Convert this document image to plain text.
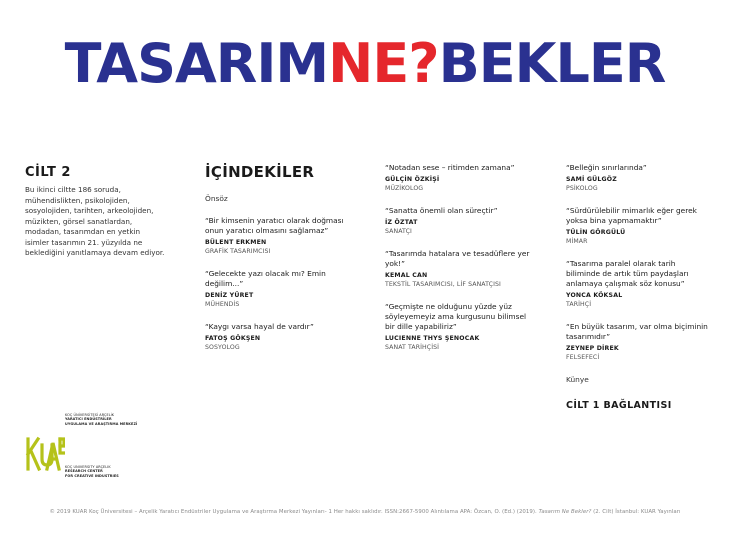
TASARIMNE?BEKLER
CİLT 2
Bu ikinci ciltte 186 soruda, mühendislikten, psikolojiden, sosyolojiden, tarihten, arkeolojiden, müzikten, görsel sanatlardan, modadan, tasarımdan en yetkin isimler tasarımın 21. yüzyılda ne beklediğini yanıtlamaya devam ediyor.
İÇİNDEKİLER
Önsöz
“Bir kimsenin yaratıcı olarak doğması onun yaratıcı olmasını sağlamaz”
BÜLENT ERKMEN
GRAFİK TASARIMCISI
“Gelecekte yazı olacak mı? Emin değilim...”
DENİZ YÜRET
MÜHENDİS
“Kaygı varsa hayal de vardır”
FATOŞ GÖKŞEN
SOSYOLOG
“Notadan sese – ritimden zamana”
GÜLÇİN ÖZKİŞİ
MÜZİKOLOG
“Sanatta önemli olan süreçtir”
İZ ÖZTAT
SANATÇI
“Tasarımda hatalara ve tesadüflere yer yok!”
KEMAL CAN
TEKSTİL TASARIMCISI, LİF SANATÇISI
“Geçmişte ne olduğunu yüzde yüz söyleyemeyiz ama kurgusunu bilimsel bir dille yapabiliriz”
LUCIENNE THYS ŞENOCAK
SANAT TARİHÇİSİ
“Belleğin sınırlarında”
SAMİ GÜLGÖZ
PSİKOLOG
“Sürdürülebilir mimarlık eğer gerek yoksa bina yapmamaktır”
TÜLİN GÖRGÜLÜ
MİMAR
“Tasarıma paralel olarak tarih biliminde de artık tüm paydaşları anlamaya çalışmak söz konusu”
YONCA KÖKSAL
TARİHÇİ
“En büyük tasarım, var olma biçiminin tasarımıdır”
ZEYNEP DİREK
FELSEFECİ
Künye
CİLT 1 BAĞLANTISI
KOÇ ÜNİVERSİTESİ ARÇELİK
YARATICI ENDÜSTRİLER
UYGULAMA VE ARAŞTIRMA MERKEZİ
KOÇ UNIVERSITY ARÇELIK
RESEARCH CENTER
FOR CREATIVE INDUSTRIES
© 2019 KUAR Koç Üniversitesi – Arçelik Yaratıcı Endüstriler Uygulama ve Araştırma Merkezi Yayınları- 1 Her hakkı saklıdır. ISSN:2667-5900 Alıntılama APA: Özcan, O. (Ed.) (2019). Tasarım Ne Bekler? (2. Cilt) İstanbul: KUAR Yayınları
